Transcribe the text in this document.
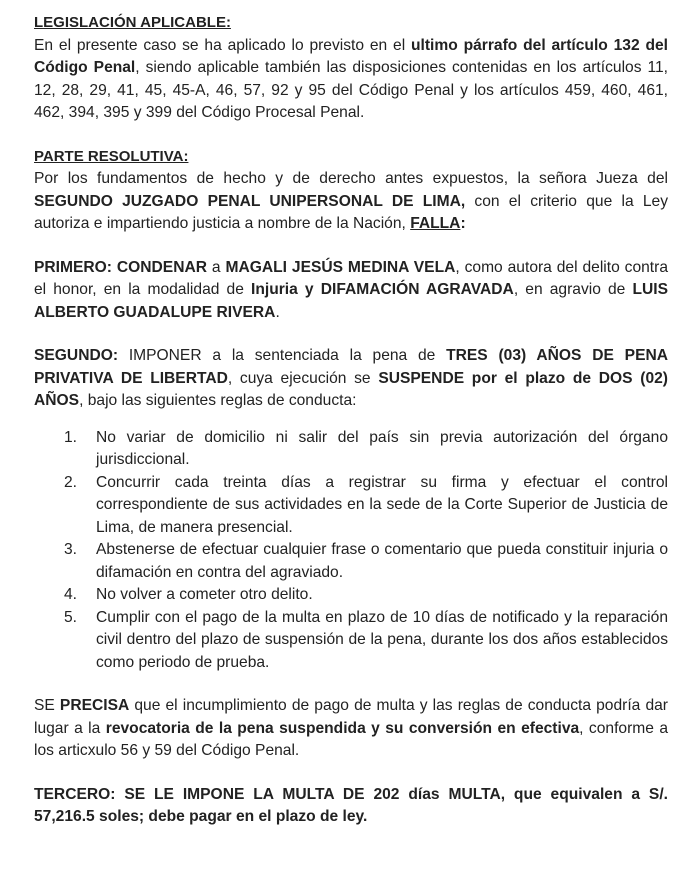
LEGISLACIÓN APLICABLE:

En el presente caso se ha aplicado lo previsto en el ultimo párrafo del artículo 132 del Código Penal, siendo aplicable también las disposiciones contenidas en los artículos 11, 12, 28, 29, 41, 45, 45-A, 46, 57, 92 y 95 del Código Penal y los artículos 459, 460, 461, 462, 394, 395 y 399 del Código Procesal Penal.

PARTE RESOLUTIVA:

Por los fundamentos de hecho y de derecho antes expuestos, la señora Jueza del SEGUNDO JUZGADO PENAL UNIPERSONAL DE LIMA, con el criterio que la Ley autoriza e impartiendo justicia a nombre de la Nación, FALLA:

PRIMERO: CONDENAR a MAGALI JESÚS MEDINA VELA, como autora del delito contra el honor, en la modalidad de Injuria y DIFAMACIÓN AGRAVADA, en agravio de LUIS ALBERTO GUADALUPE RIVERA.

SEGUNDO: IMPONER a la sentenciada la pena de TRES (03) AÑOS DE PENA PRIVATIVA DE LIBERTAD, cuya ejecución se SUSPENDE por el plazo de DOS (02) AÑOS, bajo las siguientes reglas de conducta:

1. No variar de domicilio ni salir del país sin previa autorización del órgano jurisdiccional.
2. Concurrir cada treinta días a registrar su firma y efectuar el control correspondiente de sus actividades en la sede de la Corte Superior de Justicia de Lima, de manera presencial.
3. Abstenerse de efectuar cualquier frase o comentario que pueda constituir injuria o difamación en contra del agraviado.
4. No volver a cometer otro delito.
5. Cumplir con el pago de la multa en plazo de 10 días de notificado y la reparación civil dentro del plazo de suspensión de la pena, durante los dos años establecidos como periodo de prueba.

SE PRECISA que el incumplimiento de pago de multa y las reglas de conducta podría dar lugar a la revocatoria de la pena suspendida y su conversión en efectiva, conforme a los articxulo 56 y 59 del Código Penal.

TERCERO: SE LE IMPONE LA MULTA DE 202 días MULTA, que equivalen a S/. 57,216.5 soles; debe pagar en el plazo de ley.
